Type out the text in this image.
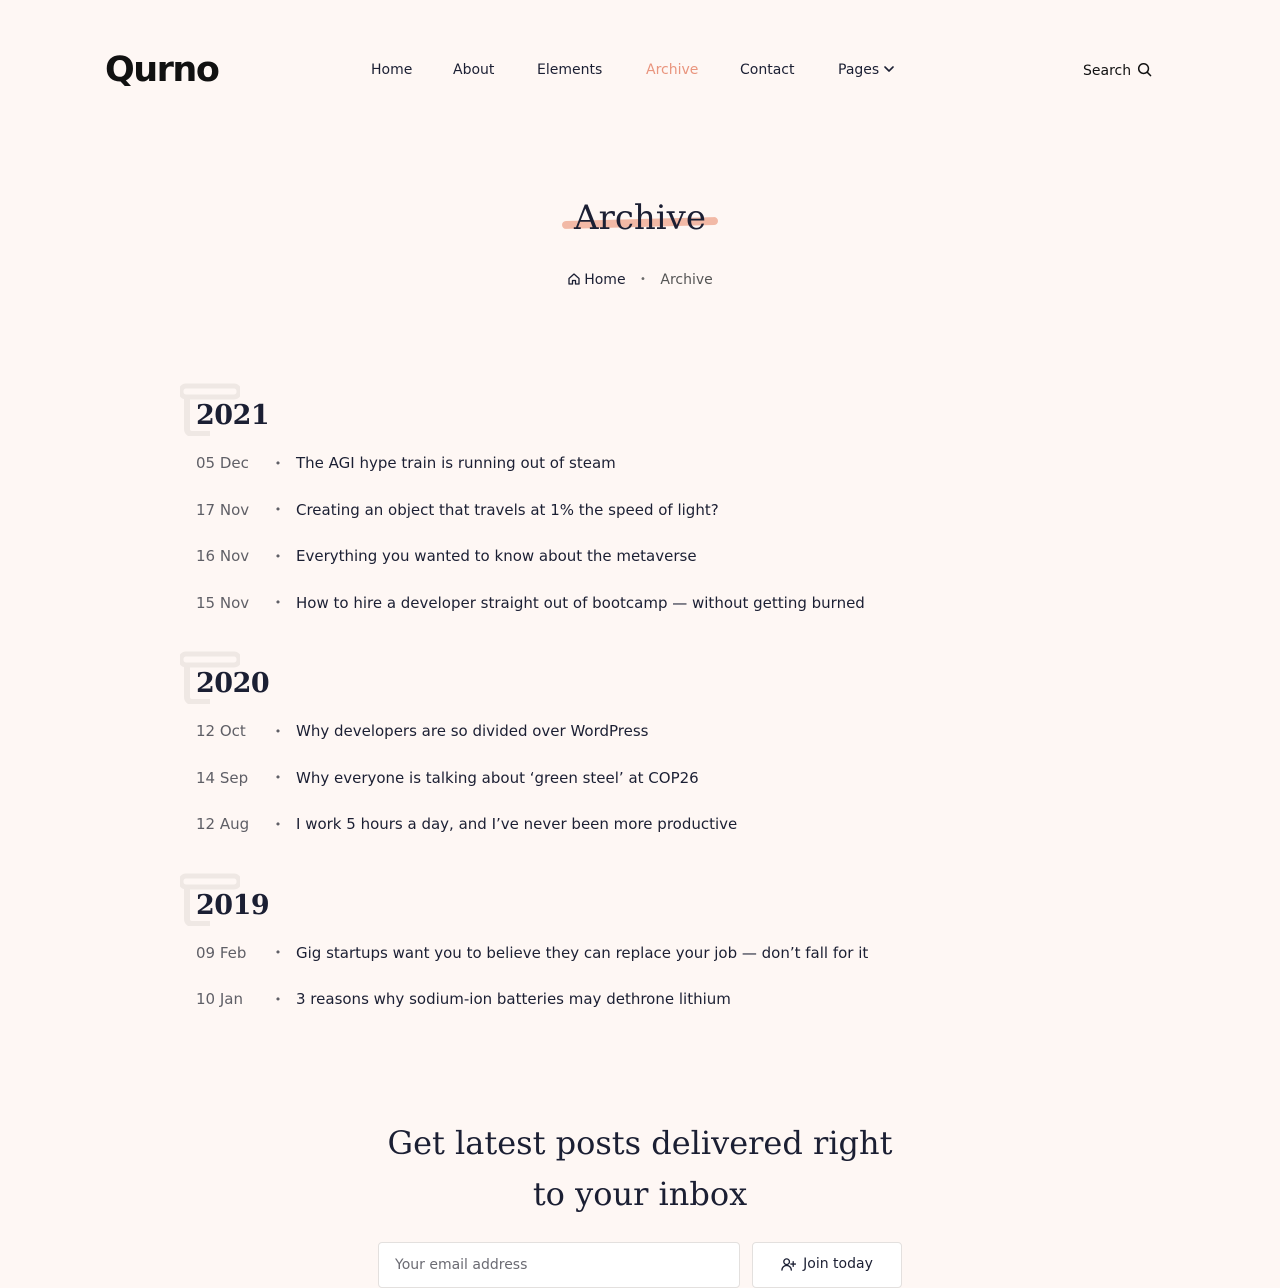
Qurno	Home	About	Elements	Archive	Contact	Pages	Search
Archive
Home • Archive
2021
05 Dec	• The AGI hype train is running out of steam
17 Nov	• Creating an object that travels at 1% the speed of light?
16 Nov	• Everything you wanted to know about the metaverse
15 Nov	• How to hire a developer straight out of bootcamp — without getting burned
2020
12 Oct	• Why developers are so divided over WordPress
14 Sep	• Why everyone is talking about ‘green steel’ at COP26
12 Aug	• I work 5 hours a day, and I’ve never been more productive
2019
09 Feb	• Gig startups want you to believe they can replace your job — don’t fall for it
10 Jan	• 3 reasons why sodium-ion batteries may dethrone lithium
Get latest posts delivered right
to your inbox
Your email address
Join today
